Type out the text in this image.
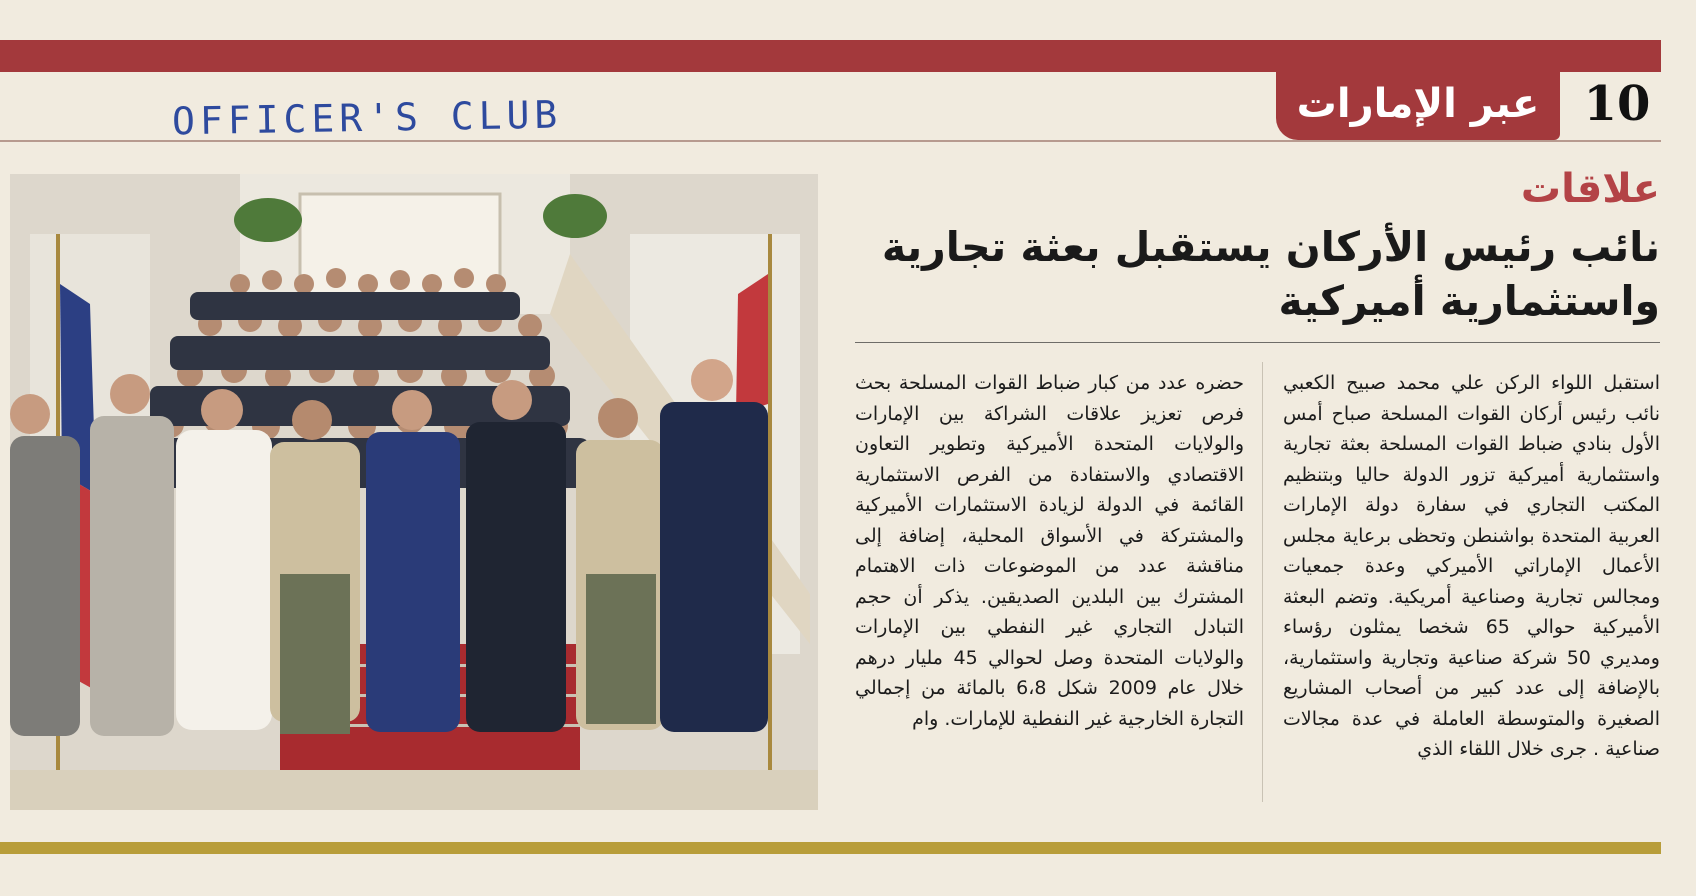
عبر الإمارات 10
OFFICER'S CLUB
علاقات
نائب رئيس الأركان يستقبل بعثة تجارية واستثمارية أميركية

استقبل اللواء الركن علي محمد صبيح الكعبي نائب رئيس أركان القوات المسلحة صباح أمس الأول بنادي ضباط القوات المسلحة بعثة تجارية واستثمارية أميركية تزور الدولة حاليا وبتنظيم المكتب التجاري في سفارة دولة الإمارات العربية المتحدة بواشنطن وتحظى برعاية مجلس الأعمال الإماراتي الأميركي وعدة جمعيات ومجالس تجارية وصناعية أمريكية. وتضم البعثة الأميركية حوالي 65 شخصا يمثلون رؤساء ومديري 50 شركة صناعية وتجارية واستثمارية، بالإضافة إلى عدد كبير من أصحاب المشاريع الصغيرة والمتوسطة العاملة في عدة مجالات صناعية . جرى خلال اللقاء الذي

حضره عدد من كبار ضباط القوات المسلحة بحث فرص تعزيز علاقات الشراكة بين الإمارات والولايات المتحدة الأميركية وتطوير التعاون الاقتصادي والاستفادة من الفرص الاستثمارية القائمة في الدولة لزيادة الاستثمارات الأميركية والمشتركة في الأسواق المحلية، إضافة إلى مناقشة عدد من الموضوعات ذات الاهتمام المشترك بين البلدين الصديقين. يذكر أن حجم التبادل التجاري غير النفطي بين الإمارات والولايات المتحدة وصل لحوالي 45 مليار درهم خلال عام 2009 شكل 6،8 بالمائة من إجمالي التجارة الخارجية غير النفطية للإمارات. وام
